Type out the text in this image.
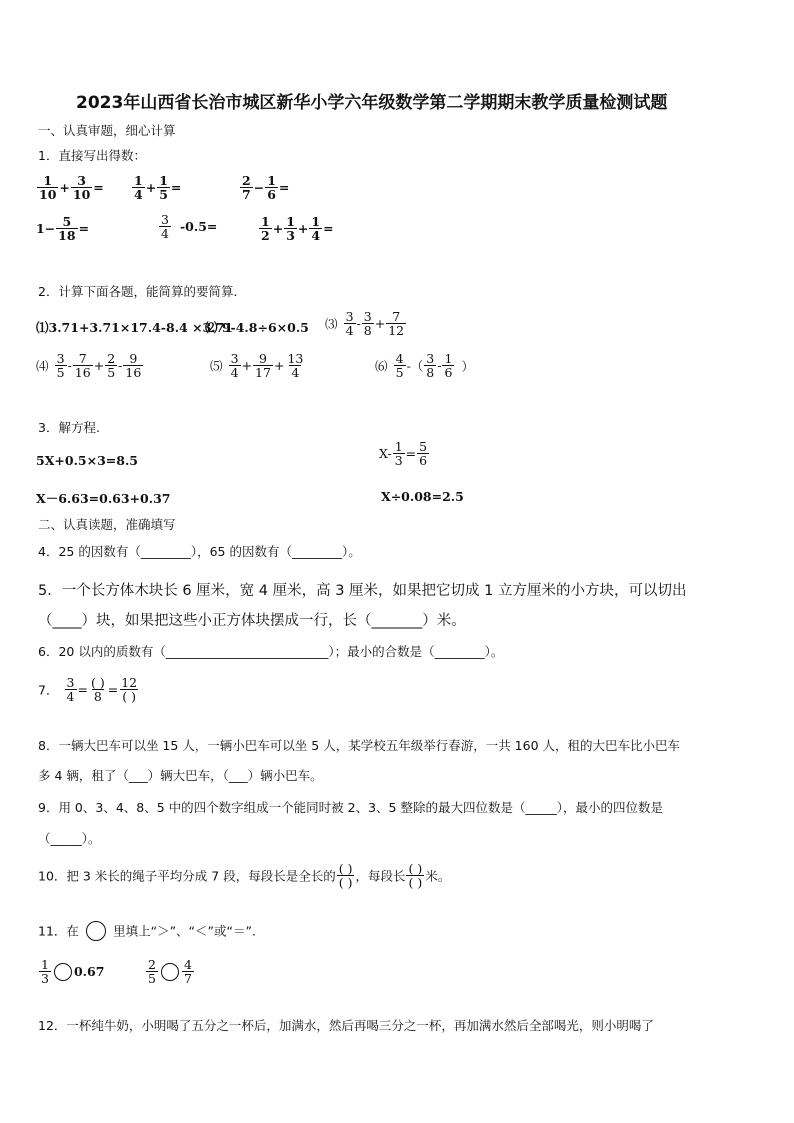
2023年山西省长治市城区新华小学六年级数学第二学期期末教学质量检测试题
一、认真审题，细心计算
1．直接写出得数：
$\frac{1}{10} + \frac{3}{10} = \frac{1}{4} + \frac{1}{5}$ =	$\frac{2}{7} - \frac{1}{6}$ =
$1- \frac{5}{18}$ =	$\frac{3}{4} -0.5=$	$\frac{1}{2} + \frac{1}{3} + \frac{1}{4}$ =
2．计算下面各题，能简算的要简算.
⑴3.71+3.71×17.4-8.4 ×3.71
⑵ 9-4.8÷6×0.5 ⑶ $\frac{3}{4} - \frac{3}{8} + \frac{7}{12}$
⑷ $\frac{3}{5} - \frac{7}{16} + \frac{2}{5} - \frac{9}{16}$	⑸ $\frac{3}{4} + \frac{9}{17} + \frac{13}{4}$	⑹ $\frac{4}{5}$ -（ $\frac{3}{8} - \frac{1}{6}$ ）
3．解方程.
5X+0.5×3=8.5	$X- \frac{1}{3} = \frac{5}{6}$
X－6.63=0.63+0.37	X÷0.08=2.5
二、认真读题，准确填写
4．25 的因数有（________），65 的因数有（________）。
5．一个长方体木块长 6 厘米，宽 4 厘米，高 3 厘米，如果把它切成 1 立方厘米的小方块，可以切出
（____）块，如果把这些小正方体块摆成一行，长（_______）米。
6．20 以内的质数有（__________________________）；最小的合数是（________）。
7． $\frac{3}{4} = \frac{( )}{8} = \frac{12}{( )}$
8．一辆大巴车可以坐 15 人，一辆小巴车可以坐 5 人，某学校五年级举行春游，一共 160 人，租的大巴车比小巴车
多 4 辆，租了（___）辆大巴车，（___）辆小巴车。
9．用 0、3、4、8、5 中的四个数字组成一个能同时被 2、3、5 整除的最大四位数是（_____），最小的四位数是
（_____）。
10．把 3 米长的绳子平均分成 7 段，每段长是全长的 $\frac{( )}{( )}$ ，每段长 $\frac{( )}{( )}$ 米。
11．在	里填上“＞”、“＜”或“＝”.
$\frac{1}{3} 0.67$	$\frac{2}{5} \frac{4}{7}$
12．一杯纯牛奶，小明喝了五分之一杯后，加满水，然后再喝三分之一杯，再加满水然后全部喝光，则小明喝了
